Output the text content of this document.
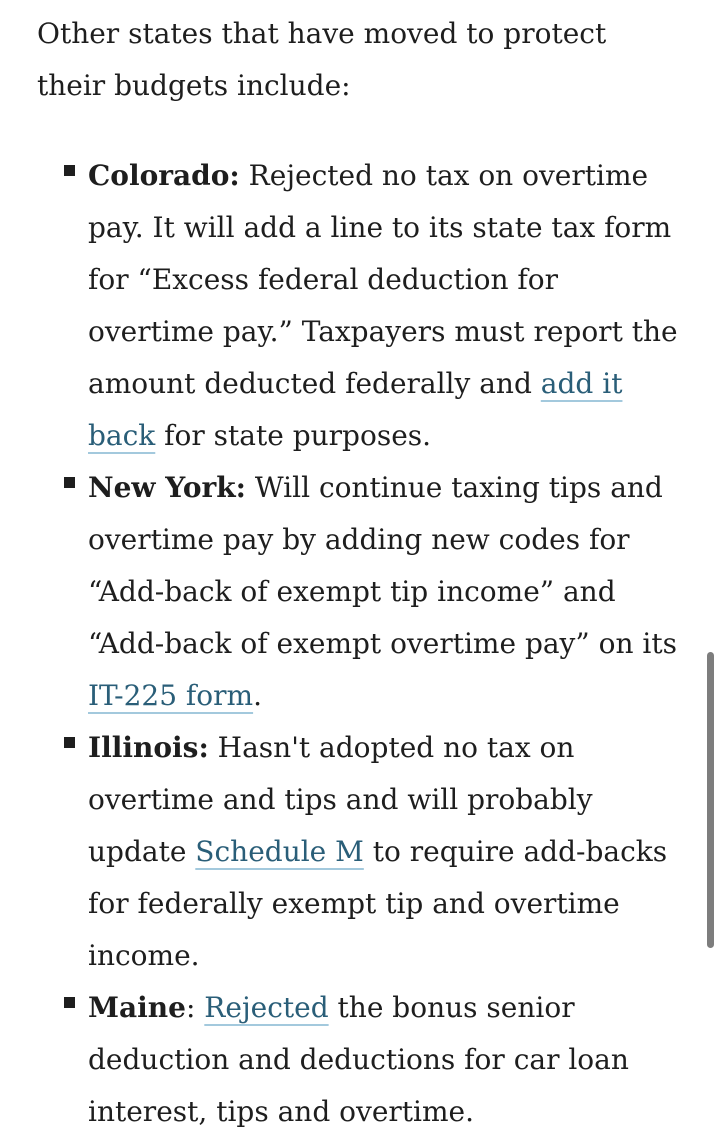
Other states that have moved to protect their budgets include:

Colorado: Rejected no tax on overtime pay. It will add a line to its state tax form for “Excess federal deduction for overtime pay.” Taxpayers must report the amount deducted federally and add it back for state purposes.
New York: Will continue taxing tips and overtime pay by adding new codes for “Add-back of exempt tip income” and “Add-back of exempt overtime pay” on its IT-225 form.
Illinois: Hasn't adopted no tax on overtime and tips and will probably update Schedule M to require add-backs for federally exempt tip and overtime income.
Maine: Rejected the bonus senior deduction and deductions for car loan interest, tips and overtime.
